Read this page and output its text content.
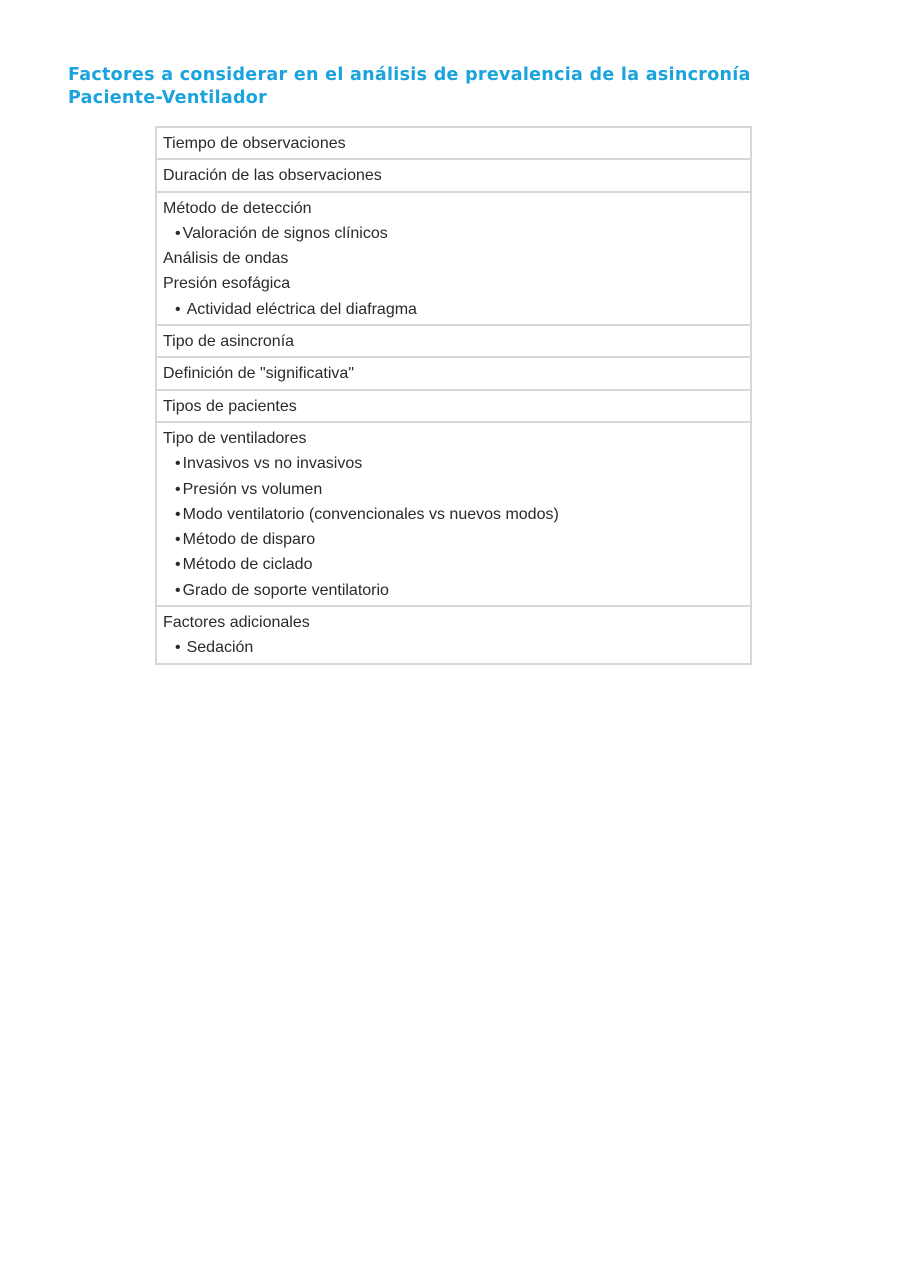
Factores a considerar en el análisis de prevalencia de la asincronía Paciente-Ventilador
Tiempo de observaciones

Duración de las observaciones

Método de detección
• Valoración de signos clínicos
Análisis de ondas
Presión esofágica
• Actividad eléctrica del diafragma

Tipo de asincronía

Definición de "significativa"

Tipos de pacientes

Tipo de ventiladores
• Invasivos vs no invasivos
• Presión vs volumen
• Modo ventilatorio (convencionales vs nuevos modos)
• Método de disparo
• Método de ciclado
• Grado de soporte ventilatorio

Factores adicionales
• Sedación
